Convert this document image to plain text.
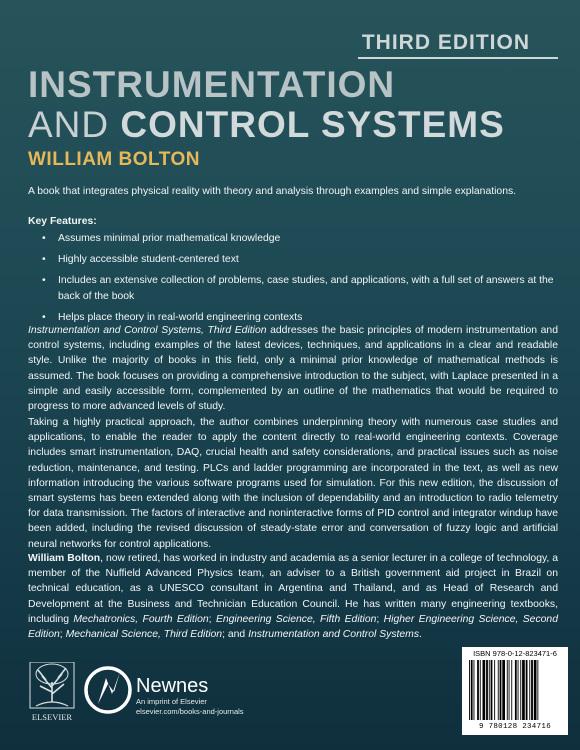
THIRD EDITION
INSTRUMENTATION
AND CONTROL SYSTEMS
WILLIAM BOLTON
A book that integrates physical reality with theory and analysis through examples and simple explanations.
Key Features:
• Assumes minimal prior mathematical knowledge
• Highly accessible student-centered text
• Includes an extensive collection of problems, case studies, and applications, with a full set of answers at the back of the book
• Helps place theory in real-world engineering contexts
Instrumentation and Control Systems, Third Edition addresses the basic principles of modern instrumentation and control systems, including examples of the latest devices, techniques, and applications in a clear and readable style. Unlike the majority of books in this field, only a minimal prior knowledge of mathematical methods is assumed. The book focuses on providing a comprehensive introduction to the subject, with Laplace presented in a simple and easily accessible form, complemented by an outline of the mathematics that would be required to progress to more advanced levels of study.
Taking a highly practical approach, the author combines underpinning theory with numerous case studies and applications, to enable the reader to apply the content directly to real-world engineering contexts. Coverage includes smart instrumentation, DAQ, crucial health and safety considerations, and practical issues such as noise reduction, maintenance, and testing. PLCs and ladder programming are incorporated in the text, as well as new information introducing the various software programs used for simulation. For this new edition, the discussion of smart systems has been extended along with the inclusion of dependability and an introduction to radio telemetry for data transmission. The factors of interactive and noninteractive forms of PID control and integrator windup have been added, including the revised discussion of steady-state error and conversation of fuzzy logic and artificial neural networks for control applications.
William Bolton, now retired, has worked in industry and academia as a senior lecturer in a college of technology, a member of the Nuffield Advanced Physics team, an adviser to a British government aid project in Brazil on technical education, as a UNESCO consultant in Argentina and Thailand, and as Head of Research and Development at the Business and Technician Education Council. He has written many engineering textbooks, including Mechatronics, Fourth Edition; Engineering Science, Fifth Edition; Higher Engineering Science, Second Edition; Mechanical Science, Third Edition; and Instrumentation and Control Systems.
ELSEVIER
Newnes
An imprint of Elsevier
elsevier.com/books-and-journals
ISBN 978-0-12-823471-6
9 780128 234716
